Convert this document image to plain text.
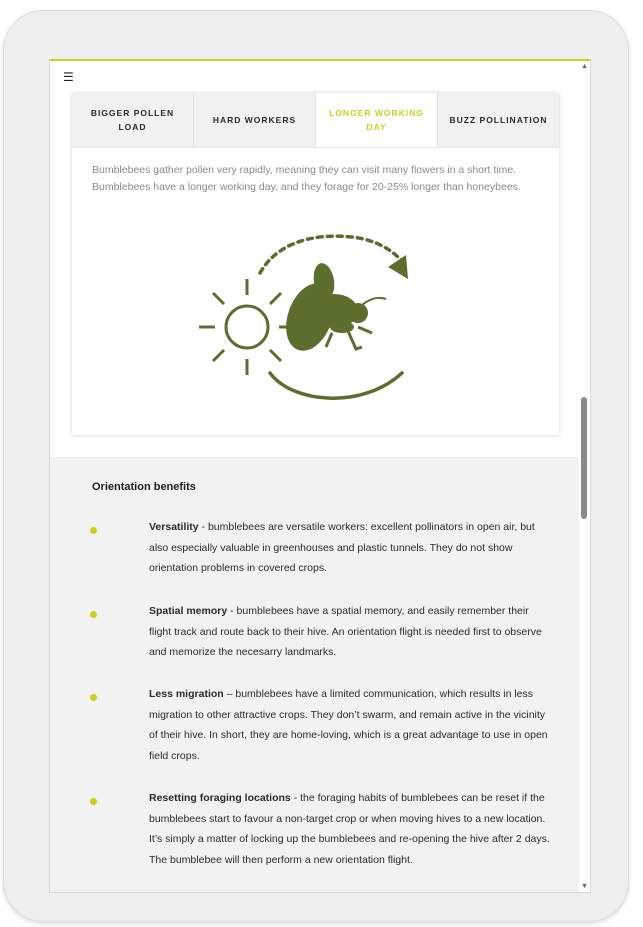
☰
BIGGER POLLEN LOAD
HARD WORKERS
LONGER WORKING DAY
BUZZ POLLINATION
Bumblebees gather pollen very rapidly, meaning they can visit many flowers in a short time.
Bumblebees have a longer working day, and they forage for 20-25% longer than honeybees.
Orientation benefits
Versatility - bumblebees are versatile workers: excellent pollinators in open air, but also especially valuable in greenhouses and plastic tunnels. They do not show orientation problems in covered crops.
Spatial memory - bumblebees have a spatial memory, and easily remember their flight track and route back to their hive. An orientation flight is needed first to observe and memorize the necesarry landmarks.
Less migration – bumblebees have a limited communication, which results in less migration to other attractive crops. They don’t swarm, and remain active in the vicinity of their hive. In short, they are home-loving, which is a great advantage to use in open field crops.
Resetting foraging locations - the foraging habits of bumblebees can be reset if the bumblebees start to favour a non-target crop or when moving hives to a new location. It’s simply a matter of locking up the bumblebees and re-opening the hive after 2 days. The bumblebee will then perform a new orientation flight.
▲
▼
